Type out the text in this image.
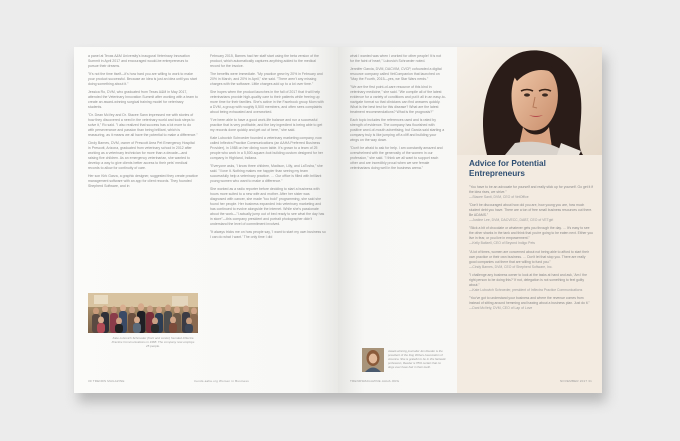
a panel at Texas A&M University's inaugural Veterinary Innovation Summit in April 2017 and encouraged would-be entrepreneurs to pursue their dreams.

"It's not the time itself—it's how hard you are willing to work to make your product successful. Because an idea is just an idea until you start doing something about it."

Jessica Ro, DVM, who graduated from Texas A&M in May 2017, attended the Veterinary Innovation Summit after working with a team to create an award-winning surgical training model for veterinary students.

"Dr. Dean McVey and Dr. Stacee Sann impressed me with stories of how they discovered a need in the veterinary world and took steps to solve it," Ro said. "I also realized that success has a lot more to do with perseverance and passion than being brilliant, which is reassuring, as it means we all have the potential to make a difference."

Cindy Barnes, DVM, owner of Prescott Area Pet Emergency Hospital in Prescott, Arizona, graduated from veterinary school in 2012 after working as a veterinary technician for more than a decade—and raising five children. As an emergency veterinarian, she wanted to develop a way to give clients better access to their pets' medical records to allow for continuity of care.

Her son Kirk Garza, a graphic designer, suggested they create practice management software with an app for client records. They founded Shepherd Software, and in

Kate Lubovich Schroeder (front and center) founded Inflectra Practice Communications in 1988. The company now employs 25 people.

February 2015, Barnes had her staff start using the beta version of the product, which automatically captures anything added to the medical record for the invoice.

The benefits were immediate. "My practice grew by 20% in February and 20% in March, and 20% in April," she said. "There aren't any missing charges with the software. Little charges add up to a lot over time."

She hopes when the product launches in the fall of 2017 that it will help veterinarians provide high-quality care to their patients while freeing up more time for their families. She's active in the Facebook group Mom with a DVM, a group with roughly 5,500 members, and often sees complaints about being exhausted and overworked.

"I've been able to have a good work-life balance and run a successful practice that is very profitable, and the key ingredient is being able to get my records done quickly and get out of here," she said.

Kate Lubovich Schroeder founded a veterinary marketing company, now called Inflectra Practice Communications (an AAHA Preferred Business Provider), in 1988 on her dining room table. It's grown to a team of 25 people who work in a 5,500-square-foot building custom designed for her company in Highland, Indiana.

"Everyone asks, 'I know three children, Madison, Lilly, and LaTosha," she said. "I love it. Nothing makes me happier than seeing my team successfully help a veterinary practice. … Our office is filled with brilliant young women who want to make a difference."

She worked as a radio reporter before deciding to start a business with hours more suited to a new wife and mother. After her sister was diagnosed with cancer, she made "too bold" programming, she said she found her people. Her business expanded into veterinary marketing and has continued to evolve alongside the internet. While she's passionate about the work—"I actually jump out of bed ready to see what the day has in store"—this company president and portrait photographer didn't understand the level of commitment involved.

"It always tricks me on how people say, 'I want to start my own business so I can do what I want.' The only time I did

30 TRENDS MAGAZINE	trends.aaha.org Women in Business

what I wanted was when I worked for other people! It is not for the faint of heart," Lubovich Schroeder noted.

Jennifer Garcia, DVM, DACVIM, CVCP, cofounded a digital resource company called VetCompanion that launched on "May the Fourth, 2015—yes, we Star Wars nerds."

"We are the first point-of-care resource of this kind in veterinary medicine," she said. "We compile all of the latest evidence for a variety of conditions and put it all in an easy-to-navigate format so that clinicians can find answers quickly. What is the best test for this disease? What are the latest treatment recommendations? What is the prognosis?"

Each topic includes the references used and is rated by strength of evidence. The company has flourished with positive word-of-mouth advertising, but Garcia said starting a company truly is like jumping off a cliff and building your wings on the way down.

"Don't be afraid to ask for help. I am constantly amazed and overwhelmed with the generosity of the women in our profession," she said. "I think we all want to support each other and are incredibly proud when we see female veterinarians doing well in the business arena."

Award-winning journalist Jen Reeder is the president of the Dog Writers Association of America. She is grateful to be in this fantastic profession, Reeder is 85% certain that no dogs ever have hair in their teeth.
Advice for Potential Entrepreneurs

"You have to be an advocate for yourself and really stick up for yourself. Go get it if the idea rises, we strive."
—Stacee Santi, DVM, CEO of VetOffice

"Don't be discouraged about how old you are, how young you are, how much student debt you have. There are a ton of free small business resources out there. Be ADAMS."
—Justine Lee, DVM, DACVECC, DABT, CEO of VETgirl

"Stick a bit of chocolate or whatever gets you through the day. … It's easy to see the other sharks in the tank and think that you're going to be eaten next. Either you live in fear, or you live in empowerment."
—Kelly Baltzell, CEO of Beyond Indigo Pets

"A lot of times, women are concerned about not being able to afford to start their own practice or their own business. … Don't let that stop you. There are really good companies out there that are willing to fund you."
—Cindy Barnes, DVM, CEO of Shepherd Software, Inc.

"I challenge any business owner to look at the tasks at hand and ask, 'Am I the right person to be doing this?' If not, delegation is not something to feel guilty about."
—Kate Lubovich Schroeder, president of Inflectra Practice Communications

"You've got to understand your business and where the revenue comes from instead of sitting around hemming and hawing about a business plan. Just do it."
—Dani McVety, DVM, CEO of Lap of Love

TRENDSMAGAZINE.AAHA.ORG	NOVEMBER 2017 31
